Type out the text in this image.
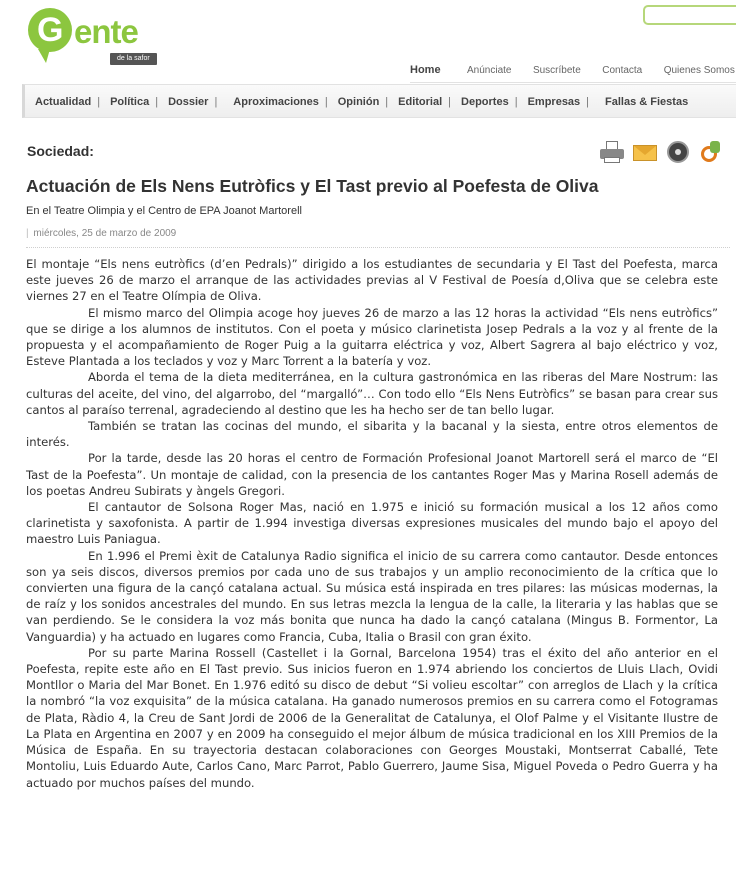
G ente
de la safor
Home	Anúnciate Suscríbete Contacta Quienes Somos
Actualidad | Política | Dossier | Aproximaciones | Opinión | Editorial | Deportes | Empresas | Fallas & Fiestas
Sociedad:
Actuación de Els Nens Eutròfics y El Tast previo al Poefesta de Oliva
En el Teatre Olimpia y el Centro de EPA Joanot Martorell
| miércoles, 25 de marzo de 2009

El montaje “Els nens eutròfics (d’en Pedrals)” dirigido a los estudiantes de secundaria y El Tast del Poefesta, marca este jueves 26 de marzo el arranque de las actividades previas al V Festival de Poesía d,Oliva que se celebra este viernes 27 en el Teatre Olímpia de Oliva.

El mismo marco del Olimpia acoge hoy jueves 26 de marzo a las 12 horas la actividad “Els nens eutròfics” que se dirige a los alumnos de institutos. Con el poeta y músico clarinetista Josep Pedrals a la voz y al frente de la propuesta y el acompañamiento de Roger Puig a la guitarra eléctrica y voz, Albert Sagrera al bajo eléctrico y voz, Esteve Plantada a los teclados y voz y Marc Torrent a la batería y voz.

Aborda el tema de la dieta mediterránea, en la cultura gastronómica en las riberas del Mare Nostrum: las culturas del aceite, del vino, del algarrobo, del “margalló”… Con todo ello “Els Nens Eutròfics” se basan para crear sus cantos al paraíso terrenal, agradeciendo al destino que les ha hecho ser de tan bello lugar.

También se tratan las cocinas del mundo, el sibarita y la bacanal y la siesta, entre otros elementos de interés.

Por la tarde, desde las 20 horas el centro de Formación Profesional Joanot Martorell será el marco de “El Tast de la Poefesta”. Un montaje de calidad, con la presencia de los cantantes Roger Mas y Marina Rosell además de los poetas Andreu Subirats y àngels Gregori.

El cantautor de Solsona Roger Mas, nació en 1.975 e inició su formación musical a los 12 años como clarinetista y saxofonista. A partir de 1.994 investiga diversas expresiones musicales del mundo bajo el apoyo del maestro Luis Paniagua.

En 1.996 el Premi èxit de Catalunya Radio significa el inicio de su carrera como cantautor. Desde entonces son ya seis discos, diversos premios por cada uno de sus trabajos y un amplio reconocimiento de la crítica que lo convierten una figura de la cançó catalana actual. Su música está inspirada en tres pilares: las músicas modernas, la de raíz y los sonidos ancestrales del mundo. En sus letras mezcla la lengua de la calle, la literaria y las hablas que se van perdiendo. Se le considera la voz más bonita que nunca ha dado la cançó catalana (Mingus B. Formentor, La Vanguardia) y ha actuado en lugares como Francia, Cuba, Italia o Brasil con gran éxito.

Por su parte Marina Rossell (Castellet i la Gornal, Barcelona 1954) tras el éxito del año anterior en el Poefesta, repite este año en El Tast previo. Sus inicios fueron en 1.974 abriendo los conciertos de Lluis Llach, Ovidi Montllor o Maria del Mar Bonet. En 1.976 editó su disco de debut “Si volieu escoltar” con arreglos de Llach y la crítica la nombró “la voz exquisita” de la música catalana. Ha ganado numerosos premios en su carrera como el Fotogramas de Plata, Ràdio 4, la Creu de Sant Jordi de 2006 de la Generalitat de Catalunya, el Olof Palme y el Visitante Ilustre de La Plata en Argentina en 2007 y en 2009 ha conseguido el mejor álbum de música tradicional en los XIII Premios de la Música de España. En su trayectoria destacan colaboraciones con Georges Moustaki, Montserrat Caballé, Tete Montoliu, Luis Eduardo Aute, Carlos Cano, Marc Parrot, Pablo Guerrero, Jaume Sisa, Miguel Poveda o Pedro Guerra y ha actuado por muchos países del mundo.
